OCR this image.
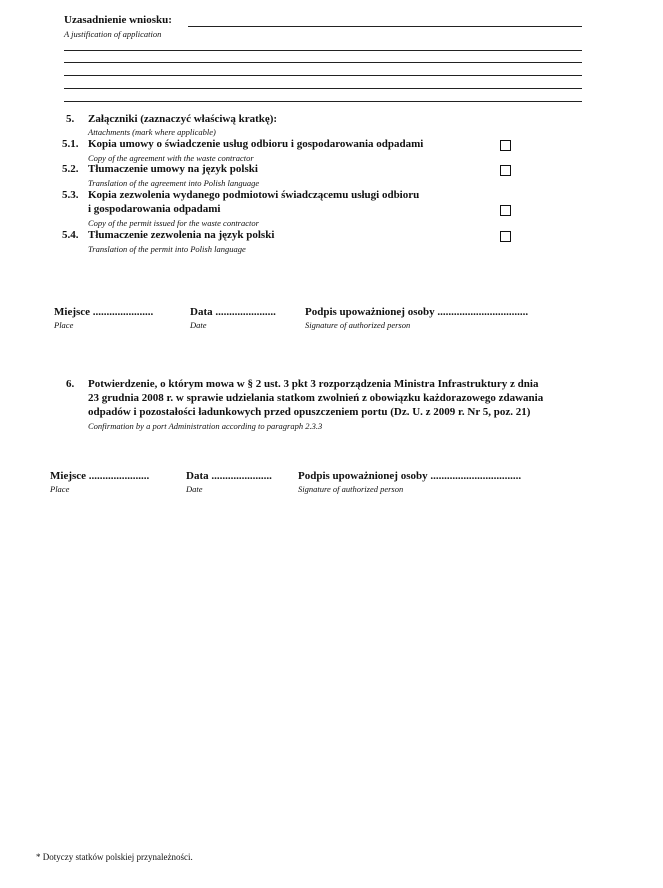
Uzasadnienie wniosku:
A justification of application
5. Załączniki (zaznaczyć właściwą kratkę):
Attachments (mark where applicable)
5.1. Kopia umowy o świadczenie usług odbioru i gospodarowania odpadami
Copy of the agreement with the waste contractor
5.2. Tłumaczenie umowy na język polski
Translation of the agreement into Polish language
5.3. Kopia zezwolenia wydanego podmiotowi świadczącemu usługi odbioru
i gospodarowania odpadami
Copy of the permit issued for the waste contractor
5.4. Tłumaczenie zezwolenia na język polski
Translation of the permit into Polish language
Miejsce ......................
Place
Data ......................
Date
Podpis upoważnionej osoby .................................
Signature of authorized person
6. Potwierdzenie, o którym mowa w § 2 ust. 3 pkt 3 rozporządzenia Ministra Infrastruktury z dnia
23 grudnia 2008 r. w sprawie udzielania statkom zwolnień z obowiązku każdorazowego zdawania
odpadów i pozostałości ładunkowych przed opuszczeniem portu (Dz. U. z 2009 r. Nr 5, poz. 21)
Confirmation by a port Administration according to paragraph 2.3.3
Miejsce ......................
Place
Data ......................
Date
Podpis upoważnionej osoby .................................
Signature of authorized person
* Dotyczy statków polskiej przynależności.
